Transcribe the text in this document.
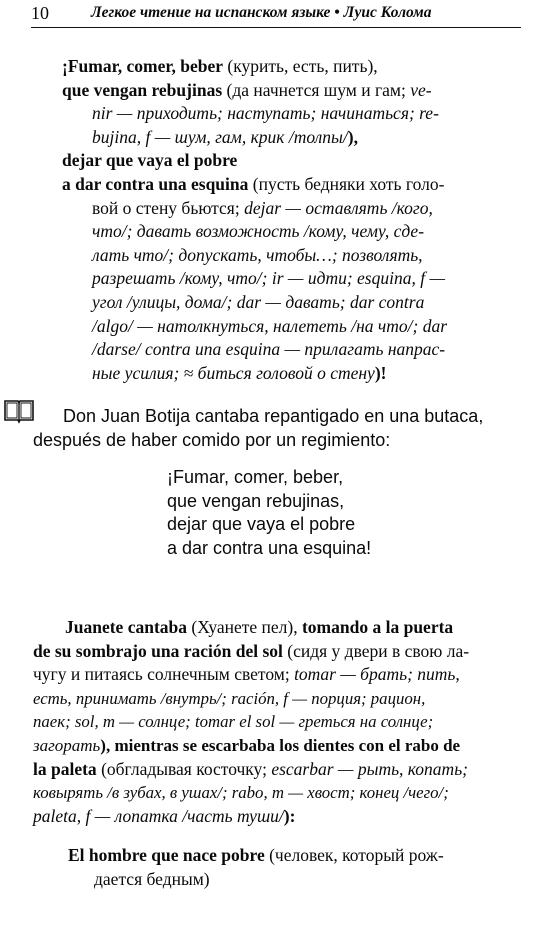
10	Легкое чтение на испанском языке • Луис Колома
¡Fumar, comer, beber (курить, есть, пить),
que vengan rebujinas (да начнется шум и гам; ve-
nir — приходить; наступать; начинаться; re-
bujina, f — шум, гам, крик /толпы/),
dejar que vaya el pobre
a dar contra una esquina (пусть бедняки хоть голо-
вой о стену бьются; dejar — оставлять /кого,
что/; давать возможность /кому, чему, сде-
лать что/; допускать, чтобы…; позволять,
разрешать /кому, что/; ir — идти; esquina, f —
угол /улицы, дома/; dar — давать; dar contra
/algo/ — натолкнуться, налететь /на что/; dar
/darse/ contra una esquina — прилагать напрас-
ные усилия; ≈ биться головой о стену)!
Don Juan Botija cantaba repantigado en una butaca,
después de haber comido por un regimiento:
¡Fumar, comer, beber,
que vengan rebujinas,
dejar que vaya el pobre
a dar contra una esquina!
Juanete cantaba (Хуанете пел), tomando a la puerta
de su sombrajo una ración del sol (сидя у двери в свою ла-
чугу и питаясь солнечным светом; tomar — брать; пить,
есть, принимать /внутрь/; ración, f — порция; рацион,
паек; sol, m — солнце; tomar el sol — греться на солнце;
загорать), mientras se escarbaba los dientes con el rabo de
la paleta (обгладывая косточку; escarbar — рыть, копать;
ковырять /в зубах, в ушах/; rabo, m — хвост; конец /чего/;
paleta, f — лопатка /часть туши/):
El hombre que nace pobre (человек, который рож-
дается бедным)
